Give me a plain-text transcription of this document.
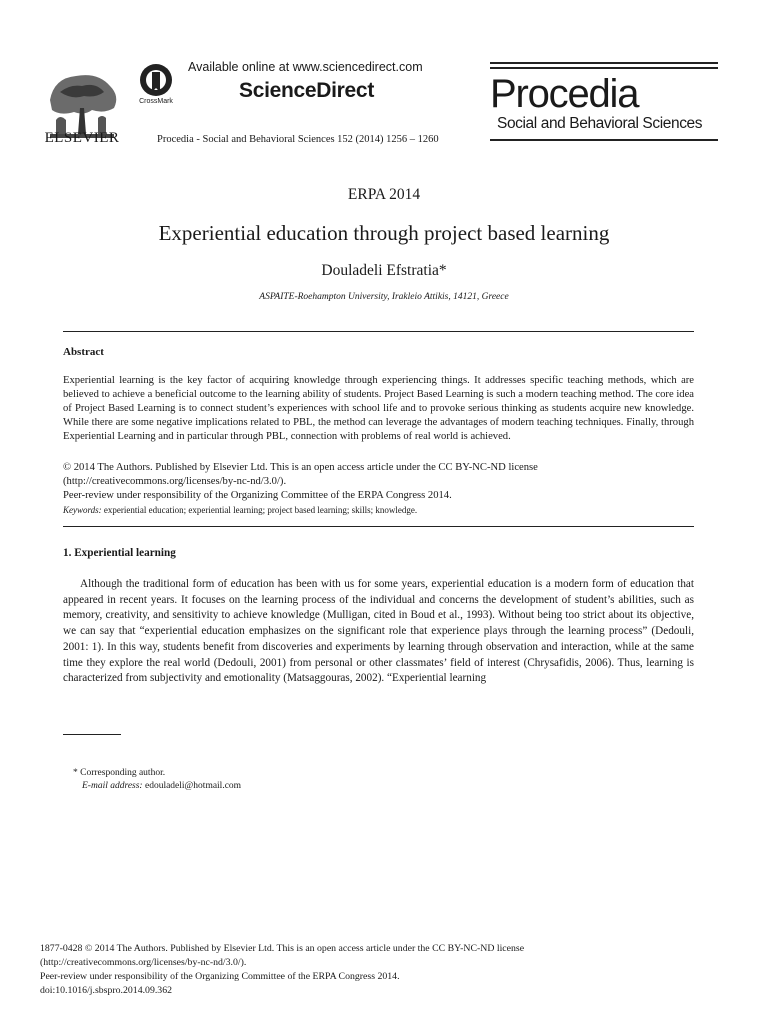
ELSEVIER
CrossMark
Available online at www.sciencedirect.com
ScienceDirect
Procedia - Social and Behavioral Sciences 152 (2014) 1256 – 1260
Procedia
Social and Behavioral Sciences
ERPA 2014
Experiential education through project based learning
Douladeli Efstratia*
ASPAITE-Roehampton University, Irakleio Attikis, 14121, Greece
Abstract
Experiential learning is the key factor of acquiring knowledge through experiencing things. It addresses specific teaching methods, which are believed to achieve a beneficial outcome to the learning ability of students. Project Based Learning is such a modern teaching method. The core idea of Project Based Learning is to connect student’s experiences with school life and to provoke serious thinking as students acquire new knowledge. While there are some negative implications related to PBL, the method can leverage the advantages of modern teaching techniques. Finally, through Experiential Learning and in particular through PBL, connection with problems of real world is achieved.
© 2014 The Authors. Published by Elsevier Ltd. This is an open access article under the CC BY-NC-ND license (http://creativecommons.org/licenses/by-nc-nd/3.0/).
Peer-review under responsibility of the Organizing Committee of the ERPA Congress 2014.
Keywords: experiential education; experiential learning; project based learning; skills; knowledge.
1. Experiential learning
Although the traditional form of education has been with us for some years, experiential education is a modern form of education that appeared in recent years. It focuses on the learning process of the individual and concerns the development of student’s abilities, such as memory, creativity, and sensitivity to achieve knowledge (Mulligan, cited in Boud et al., 1993). Without being too strict about its objective, we can say that “experiential education emphasizes on the significant role that experience plays through the learning process” (Dedouli, 2001: 1). In this way, students benefit from discoveries and experiments by learning through observation and interaction, while at the same time they explore the real world (Dedouli, 2001) from personal or other classmates’ field of interest (Chrysafidis, 2006). Thus, learning is characterized from subjectivity and emotionality (Matsaggouras, 2002). “Experiential learning
* Corresponding author.
E-mail address: edouladeli@hotmail.com
1877-0428 © 2014 The Authors. Published by Elsevier Ltd. This is an open access article under the CC BY-NC-ND license
(http://creativecommons.org/licenses/by-nc-nd/3.0/).
Peer-review under responsibility of the Organizing Committee of the ERPA Congress 2014.
doi:10.1016/j.sbspro.2014.09.362
